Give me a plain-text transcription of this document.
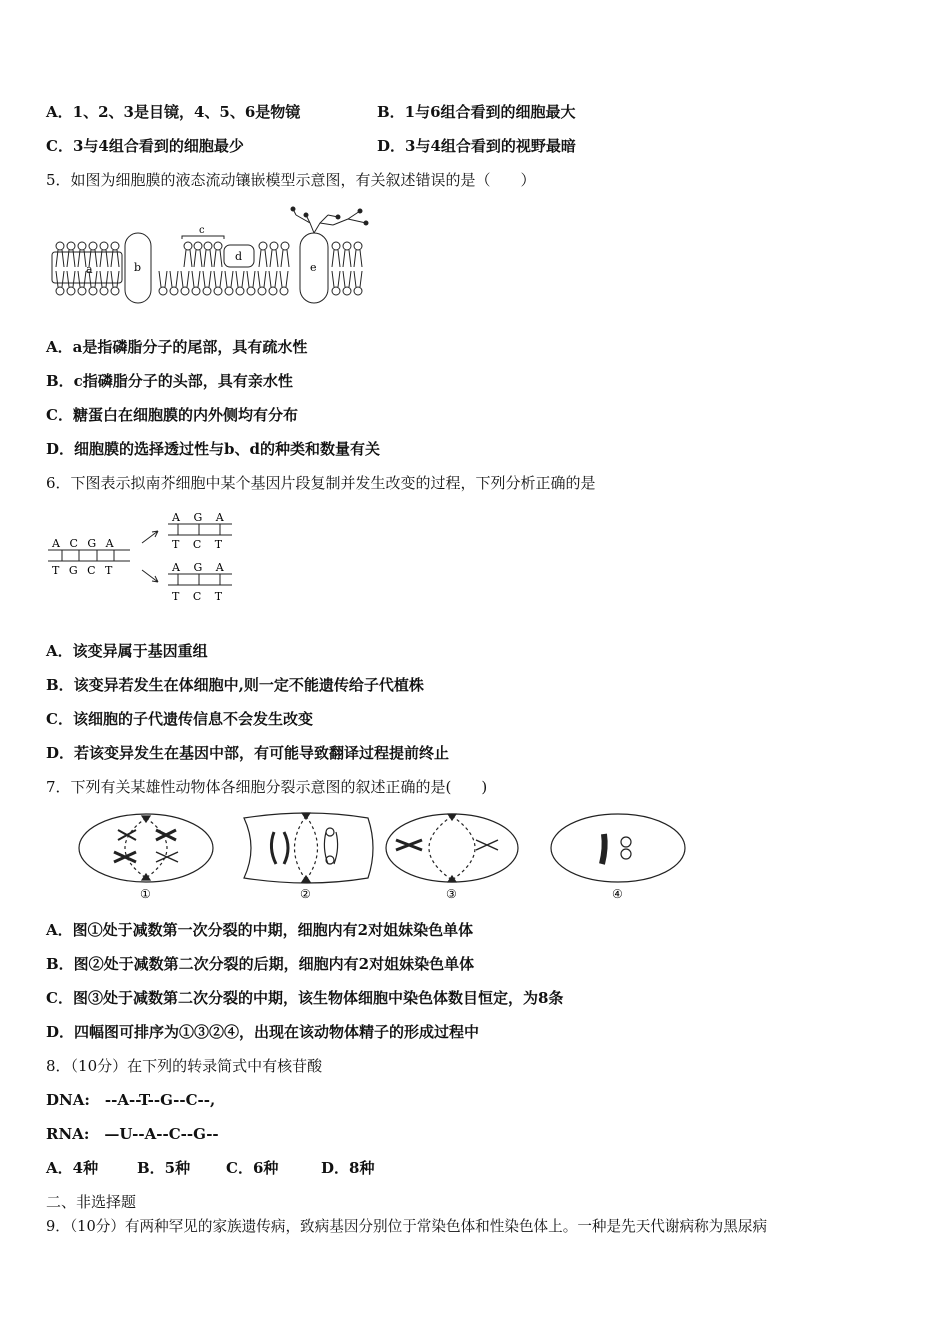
A．1、2、3是目镜，4、5、6是物镜	B．1与6组合看到的细胞最大
C．3与4组合看到的细胞最少	D．3与4组合看到的视野最暗
5．如图为细胞膜的液态流动镶嵌模型示意图，有关叙述错误的是（　　）
a	b
c
d
e
A．a是指磷脂分子的尾部，具有疏水性
B．c指磷脂分子的头部，具有亲水性
C．糖蛋白在细胞膜的内外侧均有分布
D．细胞膜的选择透过性与b、d的种类和数量有关
6．下图表示拟南芥细胞中某个基因片段复制并发生改变的过程，下列分析正确的是
A C G A
T G C T
A G A
T C T
A G A
T C T
A．该变异属于基因重组
B．该变异若发生在体细胞中,则一定不能遗传给子代植株
C．该细胞的子代遗传信息不会发生改变
D．若该变异发生在基因中部，有可能导致翻译过程提前终止
7．下列有关某雄性动物体各细胞分裂示意图的叙述正确的是(　　)
①	②	③	④
A．图①处于减数第一次分裂的中期，细胞内有2对姐妹染色单体
B．图②处于减数第二次分裂的后期，细胞内有2对姐妹染色单体
C．图③处于减数第二次分裂的中期，该生物体细胞中染色体数目恒定，为8条
D．四幅图可排序为①③②④，出现在该动物体精子的形成过程中
8．（10分）在下列的转录简式中有核苷酸
DNA:　--A--T--G--C--,
RNA:　—U--A--C--G--
A．4种	B．5种 C．6种	D．8种
二、非选择题
9．（10分）有两种罕见的家族遗传病，致病基因分别位于常染色体和性染色体上。一种是先天代谢病称为黑尿病
